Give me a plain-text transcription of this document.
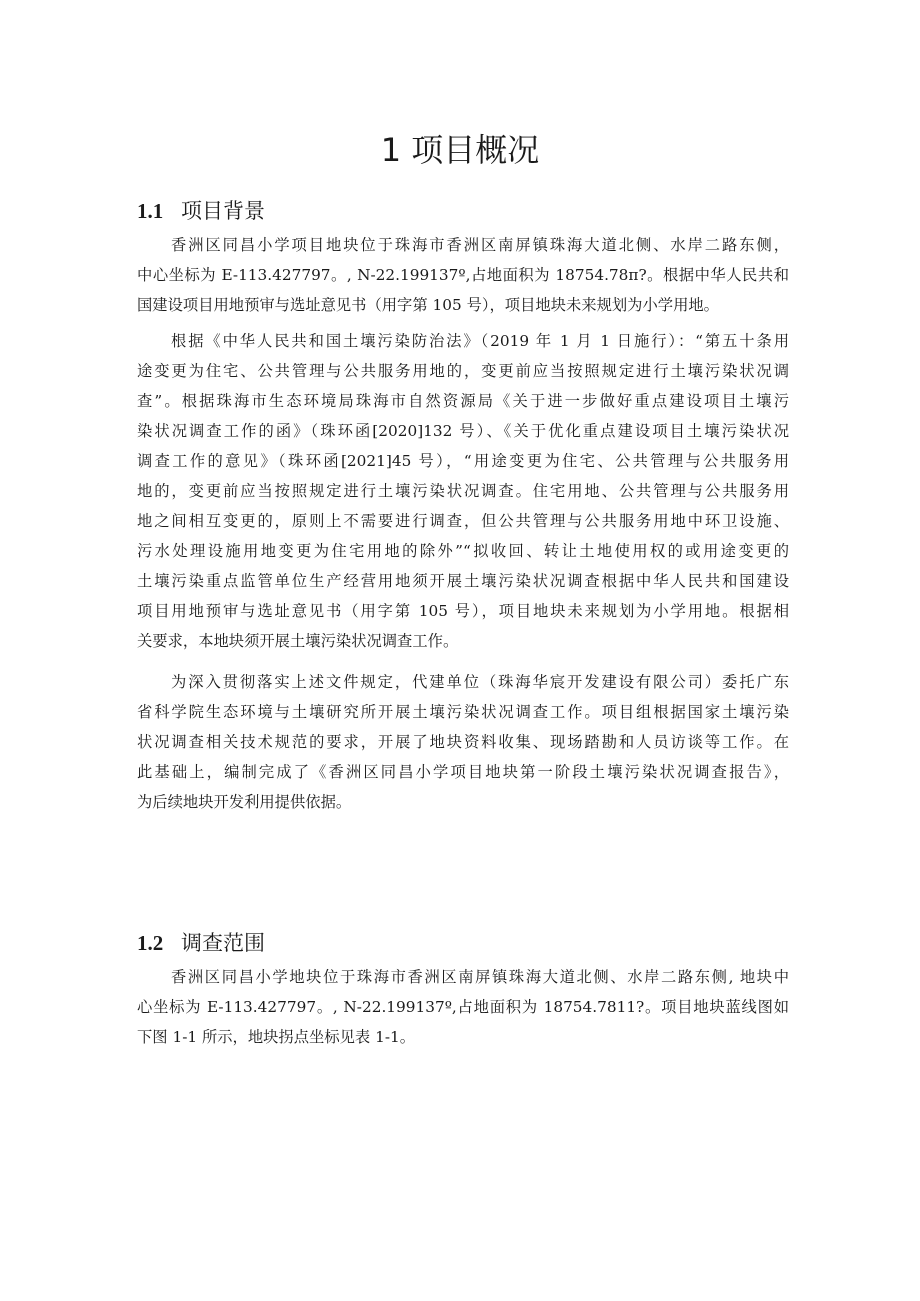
1 项目概况
1.1 项目背景
香洲区同昌小学项目地块位于珠海市香洲区南屏镇珠海大道北侧、水岸二路东侧，
中心坐标为 E-113.427797。, N-22.199137º,占地面积为 18754.78π?。根据中华人民共和
国建设项目用地预审与选址意见书（用字第 105 号），项目地块未来规划为小学用地。
根据《中华人民共和国土壤污染防治法》（2019 年 1 月 1 日施行）：“第五十条用
途变更为住宅、公共管理与公共服务用地的，变更前应当按照规定进行土壤污染状况调
查”。根据珠海市生态环境局珠海市自然资源局《关于进一步做好重点建设项目土壤污
染状况调查工作的函》（珠环函[2020]132 号）、《关于优化重点建设项目土壤污染状况
调查工作的意见》（珠环函[2021]45 号），“用途变更为住宅、公共管理与公共服务用
地的，变更前应当按照规定进行土壤污染状况调查。住宅用地、公共管理与公共服务用
地之间相互变更的，原则上不需要进行调查，但公共管理与公共服务用地中环卫设施、
污水处理设施用地变更为住宅用地的除外”“拟收回、转让土地使用权的或用途变更的
土壤污染重点监管单位生产经营用地须开展土壤污染状况调查根据中华人民共和国建设
项目用地预审与选址意见书（用字第 105 号），项目地块未来规划为小学用地。根据相
关要求，本地块须开展土壤污染状况调查工作。
为深入贯彻落实上述文件规定，代建单位（珠海华宸开发建设有限公司）委托广东
省科学院生态环境与土壤研究所开展土壤污染状况调查工作。项目组根据国家土壤污染
状况调查相关技术规范的要求，开展了地块资料收集、现场踏勘和人员访谈等工作。在
此基础上，编制完成了《香洲区同昌小学项目地块第一阶段土壤污染状况调查报告》，
为后续地块开发利用提供依据。
1.2 调查范围
香洲区同昌小学地块位于珠海市香洲区南屏镇珠海大道北侧、水岸二路东侧, 地块中
心坐标为 E-113.427797。, N-22.199137º,占地面积为 18754.7811?。项目地块蓝线图如
下图 1-1 所示，地块拐点坐标见表 1-1。
